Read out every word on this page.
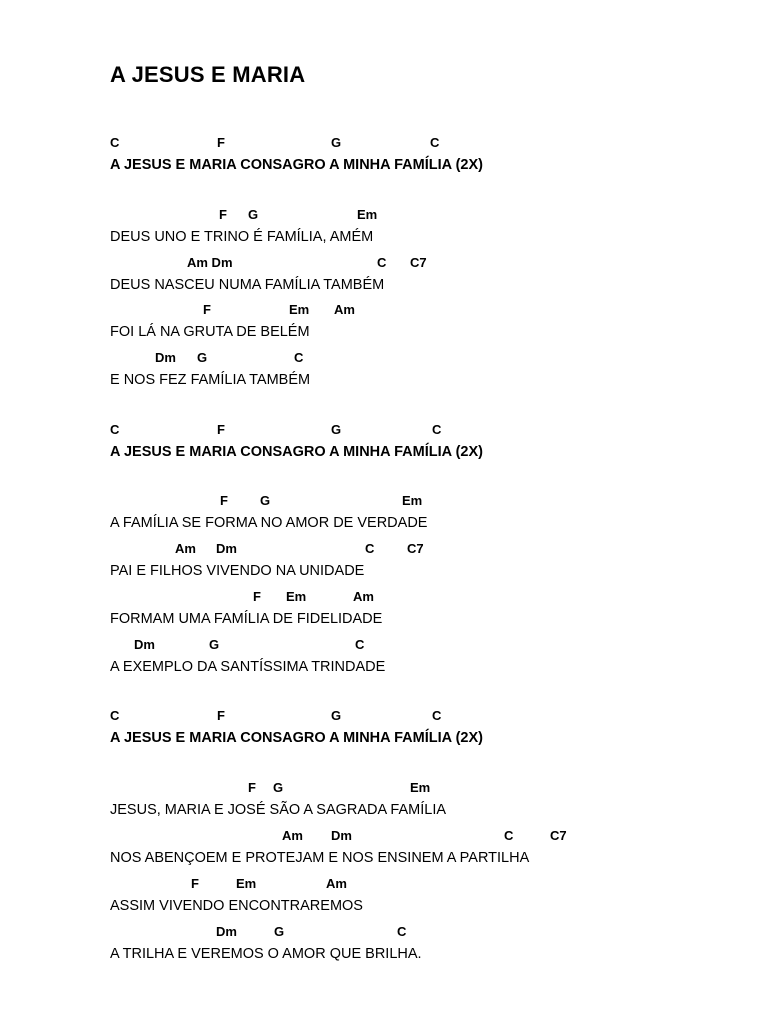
A JESUS E MARIA
C	F	G	C
A JESUS E MARIA CONSAGRO A MINHA FAMÍLIA (2X)
F G	Em
DEUS UNO E TRINO É FAMÍLIA, AMÉM
Am Dm	C C7
DEUS NASCEU NUMA FAMÍLIA TAMBÉM
F	Em Am
FOI LÁ NA GRUTA DE BELÉM
Dm G	C
E NOS FEZ FAMÍLIA TAMBÉM
C	F	G	C
A JESUS E MARIA CONSAGRO A MINHA FAMÍLIA (2X)
F G	Em
A FAMÍLIA SE FORMA NO AMOR DE VERDADE
Am Dm	C	C7
PAI E FILHOS VIVENDO NA UNIDADE
F Em	Am
FORMAM UMA FAMÍLIA DE FIDELIDADE
Dm	G	C
A EXEMPLO DA SANTÍSSIMA TRINDADE
C	F	G	C
A JESUS E MARIA CONSAGRO A MINHA FAMÍLIA (2X)
F G	Em
JESUS, MARIA E JOSÉ SÃO A SAGRADA FAMÍLIA
Am Dm	C	C7
NOS ABENÇOEM E PROTEJAM E NOS ENSINEM A PARTILHA
F	Em	Am
ASSIM VIVENDO ENCONTRAREMOS
Dm	G	C
A TRILHA E VEREMOS O AMOR QUE BRILHA.
